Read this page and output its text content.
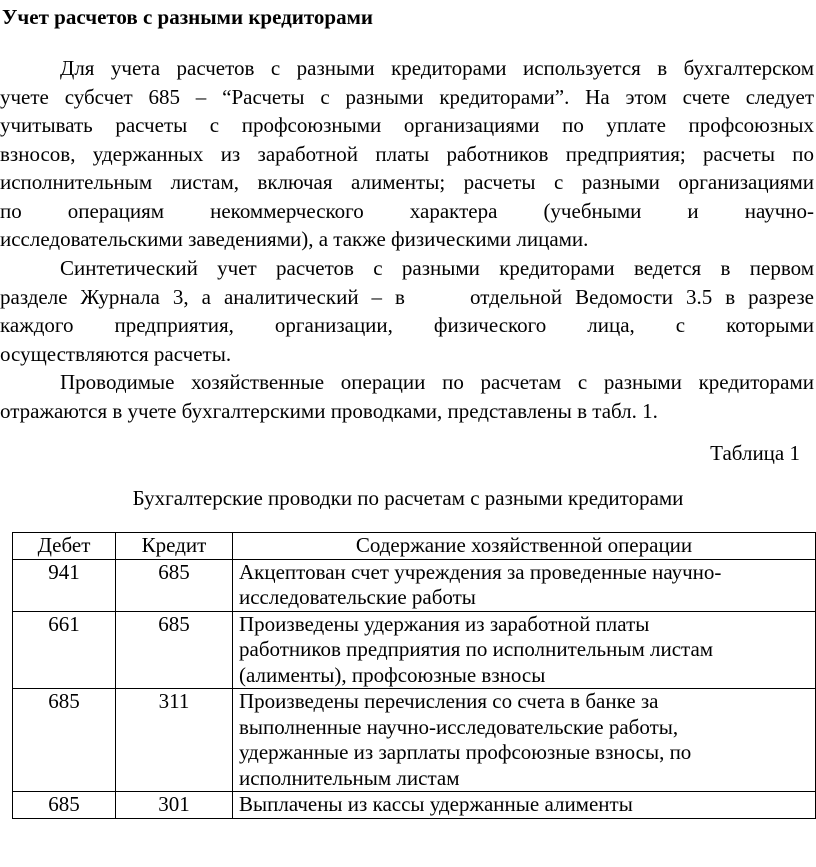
Учет расчетов с разными кредиторами
Для учета расчетов с разными кредиторами используется в бухгалтерском
учете субсчет 685 – “Расчеты с разными кредиторами”. На этом счете следует
учитывать расчеты с профсоюзными организациями по уплате профсоюзных
взносов, удержанных из заработной платы работников предприятия; расчеты по
исполнительным листам, включая алименты; расчеты с разными организациями
по операциям некоммерческого характера (учебными и научно-
исследовательскими заведениями), а также физическими лицами.
Синтетический учет расчетов с разными кредиторами ведется в первом
разделе Журнала 3, а аналитический – в     отдельной Ведомости 3.5 в разрезе
каждого предприятия, организации, физического лица, с которыми
осуществляются расчеты.
Проводимые хозяйственные операции по расчетам с разными кредиторами
отражаются в учете бухгалтерскими проводками, представлены в табл. 1.
Таблица 1
Бухгалтерские проводки по расчетам с разными кредиторами
Дебет	Кредит	Содержание хозяйственной операции
941	685	Акцептован счет учреждения за проведенные научно-
исследовательские работы

661	685	Произведены удержания из заработной платы
работников предприятия по исполнительным листам
(алименты), профсоюзные взносы

685	311	Произведены перечисления со счета в банке за
выполненные научно-исследовательские работы,
удержанные из зарплаты профсоюзные взносы, по
исполнительным листам

685	301	Выплачены из кассы удержанные алименты
